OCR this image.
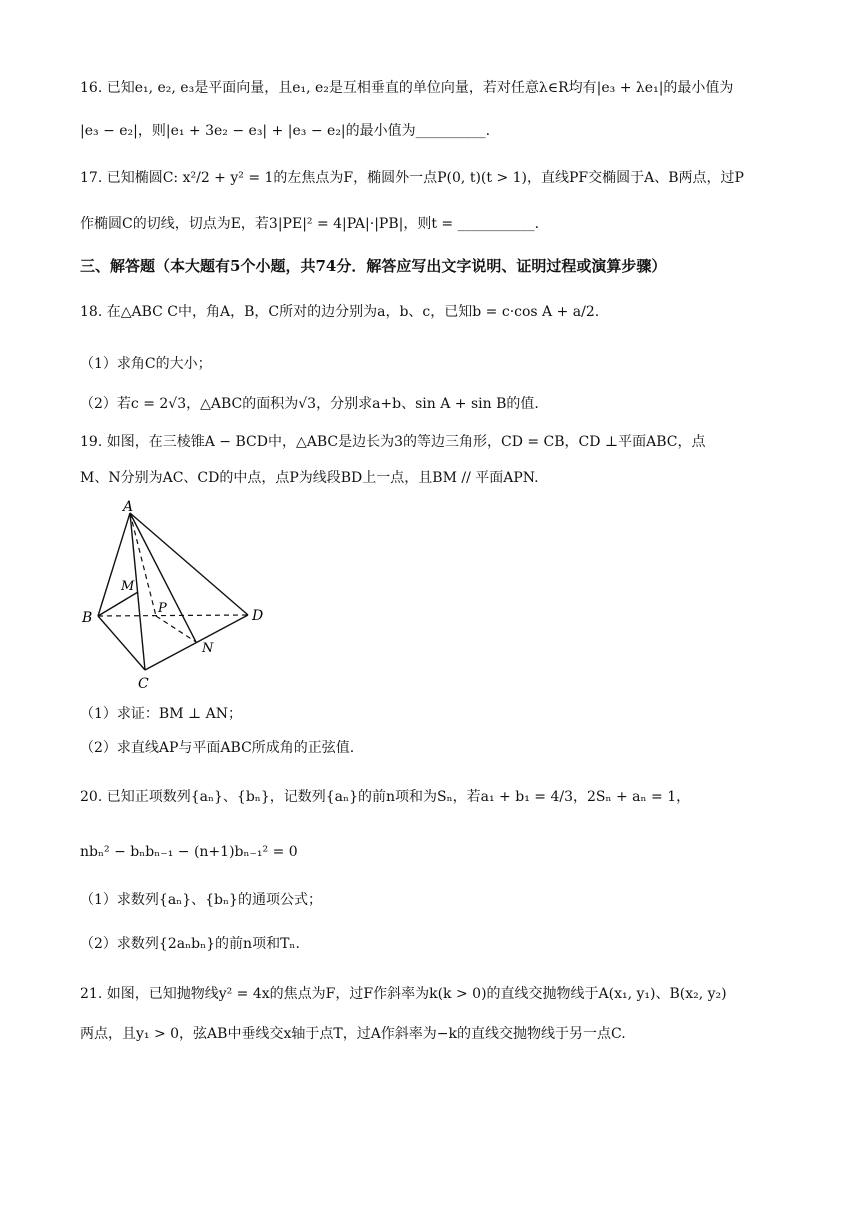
16. 已知e₁, e₂, e₃是平面向量，且e₁, e₂是互相垂直的单位向量，若对任意λ∈R均有|e₃ + λe₁|的最小值为
|e₃ − e₂|，则|e₁ + 3e₂ − e₃| + |e₃ − e₂|的最小值为__________.
17. 已知椭圆C: x²/2 + y² = 1的左焦点为F，椭圆外一点P(0, t)(t > 1)，直线PF交椭圆于A、B两点，过P
作椭圆C的切线，切点为E，若3|PE|² = 4|PA|·|PB|，则t = ___________.
三、解答题（本大题有5个小题，共74分．解答应写出文字说明、证明过程或演算步骤）
18. 在△ABC C中，角A，B，C所对的边分别为a，b、c，已知b = c·cos A + a/2.
（1）求角C的大小；
（2）若c = 2√3，△ABC的面积为√3，分别求a+b、sin A + sin B的值.
19. 如图，在三棱锥A − BCD中，△ABC是边长为3的等边三角形，CD = CB，CD ⊥平面ABC，点
M、N分别为AC、CD的中点，点P为线段BD上一点，且BM // 平面APN.
A
B
C
D
M
N
P
（1）求证：BM ⊥ AN；
（2）求直线AP与平面ABC所成角的正弦值.
20. 已知正项数列{aₙ}、{bₙ}，记数列{aₙ}的前n项和为Sₙ，若a₁ + b₁ = 4/3，2Sₙ + aₙ = 1，
nbₙ² − bₙbₙ₋₁ − (n+1)bₙ₋₁² = 0
（1）求数列{aₙ}、{bₙ}的通项公式；
（2）求数列{2aₙbₙ}的前n项和Tₙ.
21. 如图，已知抛物线y² = 4x的焦点为F，过F作斜率为k(k > 0)的直线交抛物线于A(x₁, y₁)、B(x₂, y₂)
两点，且y₁ > 0，弦AB中垂线交x轴于点T，过A作斜率为−k的直线交抛物线于另一点C.
